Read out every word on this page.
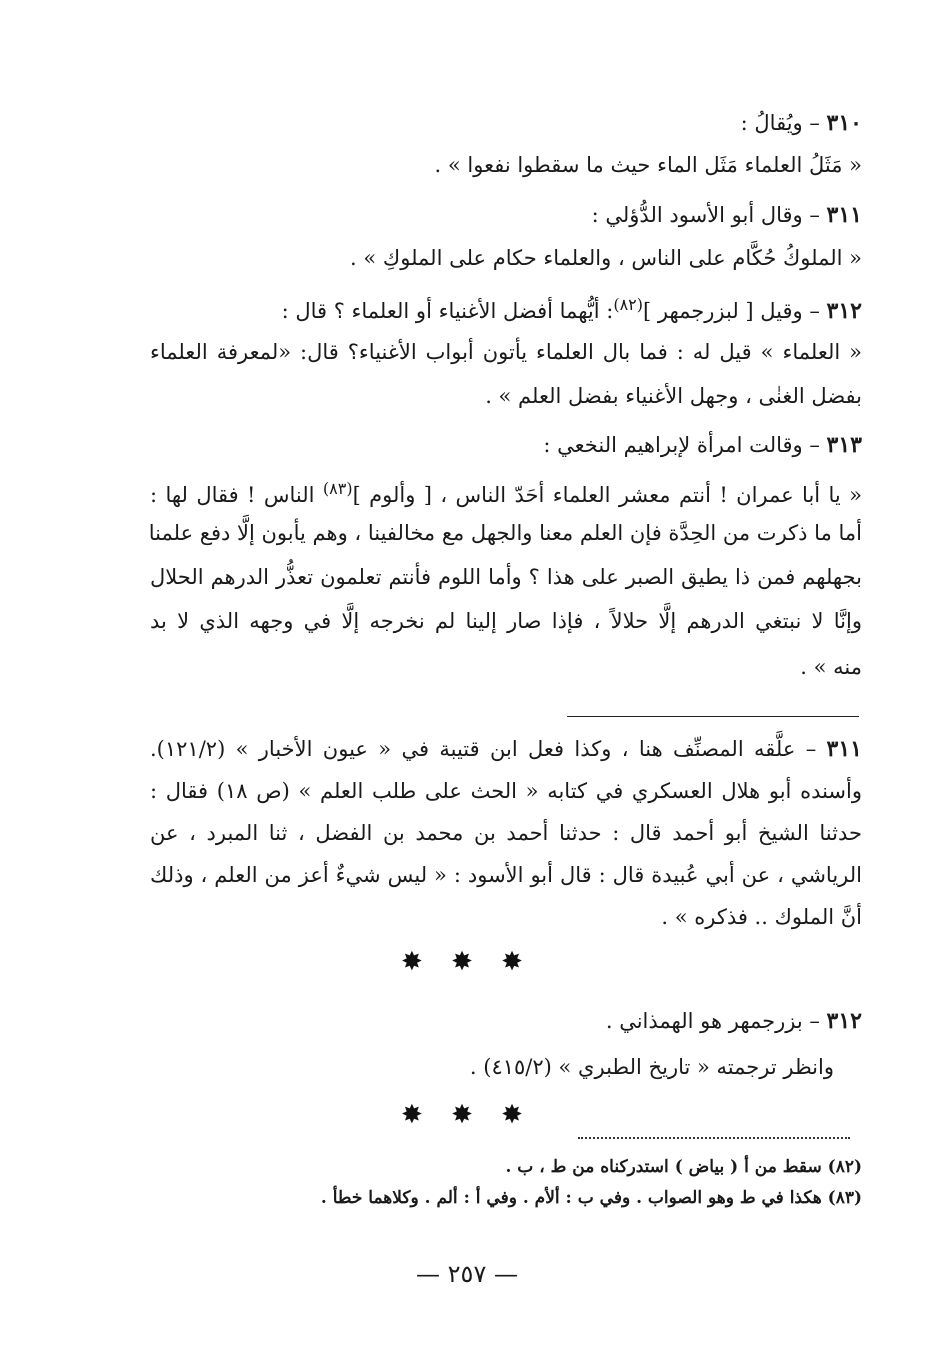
٣١٠ – ويُقالُ :
« مَثَلُ العلماء مَثَل الماء حيث ما سقطوا نفعوا » .
٣١١ – وقال أبو الأسود الدُّؤلي :
« الملوكُ حُكَّام على الناس ، والعلماء حكام على الملوكِ » .
٣١٢ – وقيل [ لبزرجمهر ]$^{(٨٢)}$: أيُّهما أفضل الأغنياء أو العلماء ؟ قال :
« العلماء » قيل له : فما بال العلماء يأتون أبواب الأغنياء؟ قال: «لمعرفة العلماء
بفضل الغنٰى ، وجهل الأغنياء بفضل العلم » .
٣١٣ – وقالت امرأة لإبراهيم النخعي :
« يا أبا عمران ! أنتم معشر العلماء أحَدّ الناس ، [ وألوم ]$^{(٨٣)}$ الناس ! فقال لها :
أما ما ذكرت من الحِدَّة فإن العلم معنا والجهل مع مخالفينا ، وهم يأبون إلَّا دفع علمنا
بجهلهم فمن ذا يطيق الصبر على هذا ؟ وأما اللوم فأنتم تعلمون تعذُّر الدرهم الحلال
وإنَّا لا نبتغي الدرهم إلَّا حلالاً ، فإذا صار إلينا لم نخرجه إلَّا في وجهه الذي لا بد
منه » .
٣١١ – علَّقه المصنِّف هنا ، وكذا فعل ابن قتيبة في « عيون الأخبار » (١٢١/٢).
وأسنده أبو هلال العسكري في كتابه « الحث على طلب العلم » (ص ١٨) فقال :
حدثنا الشيخ أبو أحمد قال : حدثنا أحمد بن محمد بن الفضل ، ثنا المبرد ، عن
الرياشي ، عن أبي عُبيدة قال : قال أبو الأسود : « ليس شيءٌ أعز من العلم ، وذلك
أنَّ الملوك .. فذكره » .
✸ ✸ ✸
٣١٢ – بزرجمهر هو الهمذاني .
وانظر ترجمته « تاريخ الطبري » (٤١٥/٢) .
✸ ✸ ✸
(٨٢) سقط من أ ( بياض ) استدركناه من ط ، ب .
(٨٣) هكذا في ط وهو الصواب . وفي ب : ألأم . وفي أ : ألم . وكلاهما خطأ .
— ٢٥٧ —
